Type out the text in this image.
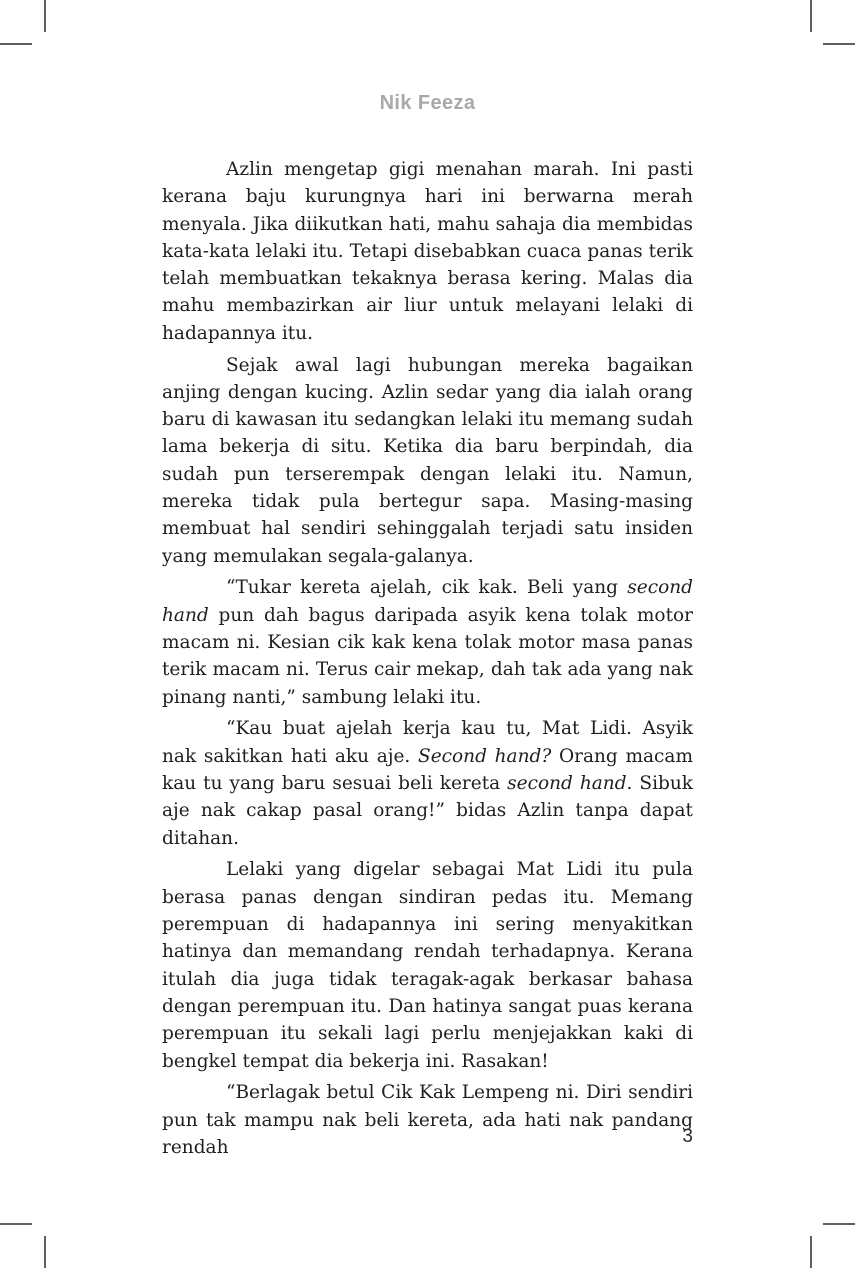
Nik Feeza

Azlin mengetap gigi menahan marah. Ini pasti kerana baju kurungnya hari ini berwarna merah menyala. Jika diikutkan hati, mahu sahaja dia membidas kata-kata lelaki itu. Tetapi disebabkan cuaca panas terik telah membuatkan tekaknya berasa kering. Malas dia mahu membazirkan air liur untuk melayani lelaki di hadapannya itu.

Sejak awal lagi hubungan mereka bagaikan anjing dengan kucing. Azlin sedar yang dia ialah orang baru di kawasan itu sedangkan lelaki itu memang sudah lama bekerja di situ. Ketika dia baru berpindah, dia sudah pun terserempak dengan lelaki itu. Namun, mereka tidak pula bertegur sapa. Masing-masing membuat hal sendiri sehinggalah terjadi satu insiden yang memulakan segala-galanya.

“Tukar kereta ajelah, cik kak. Beli yang second hand pun dah bagus daripada asyik kena tolak motor macam ni. Kesian cik kak kena tolak motor masa panas terik macam ni. Terus cair mekap, dah tak ada yang nak pinang nanti,” sambung lelaki itu.

“Kau buat ajelah kerja kau tu, Mat Lidi. Asyik nak sakitkan hati aku aje. Second hand? Orang macam kau tu yang baru sesuai beli kereta second hand. Sibuk aje nak cakap pasal orang!” bidas Azlin tanpa dapat ditahan.

Lelaki yang digelar sebagai Mat Lidi itu pula berasa panas dengan sindiran pedas itu. Memang perempuan di hadapannya ini sering menyakitkan hatinya dan memandang rendah terhadapnya. Kerana itulah dia juga tidak teragak-agak berkasar bahasa dengan perempuan itu. Dan hatinya sangat puas kerana perempuan itu sekali lagi perlu menjejakkan kaki di bengkel tempat dia bekerja ini. Rasakan!

“Berlagak betul Cik Kak Lempeng ni. Diri sendiri pun tak mampu nak beli kereta, ada hati nak pandang rendah

3
